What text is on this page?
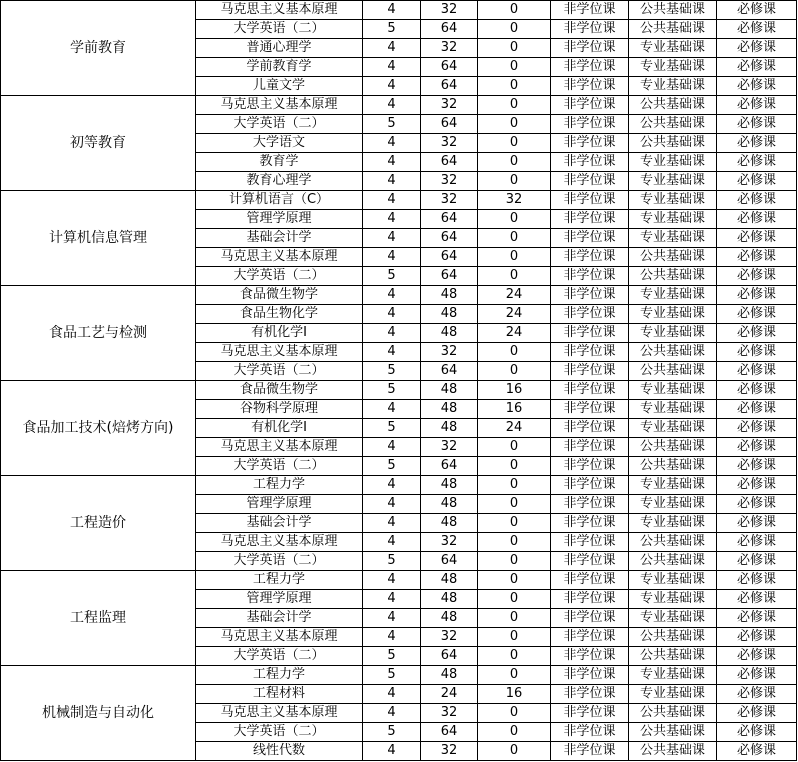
学前教育	马克思主义基本原理	4	32	0	非学位课	公共基础课	必修课
	大学英语（二）	5	64	0	非学位课	公共基础课	必修课
	普通心理学	4	32	0	非学位课	专业基础课	必修课
	学前教育学	4	64	0	非学位课	专业基础课	必修课
	儿童文学	4	64	0	非学位课	专业基础课	必修课
初等教育	马克思主义基本原理	4	32	0	非学位课	公共基础课	必修课
	大学英语（二）	5	64	0	非学位课	公共基础课	必修课
	大学语文	4	32	0	非学位课	公共基础课	必修课
	教育学	4	64	0	非学位课	专业基础课	必修课
	教育心理学	4	32	0	非学位课	专业基础课	必修课
计算机信息管理	计算机语言（C）	4	32	32	非学位课	专业基础课	必修课
	管理学原理	4	64	0	非学位课	专业基础课	必修课
	基础会计学	4	64	0	非学位课	专业基础课	必修课
	马克思主义基本原理	4	64	0	非学位课	公共基础课	必修课
	大学英语（二）	5	64	0	非学位课	公共基础课	必修课
食品工艺与检测	食品微生物学	4	48	24	非学位课	专业基础课	必修课
	食品生物化学	4	48	24	非学位课	专业基础课	必修课
	有机化学I	4	48	24	非学位课	专业基础课	必修课
	马克思主义基本原理	4	32	0	非学位课	公共基础课	必修课
	大学英语（二）	5	64	0	非学位课	公共基础课	必修课
食品加工技术(焙烤方向)	食品微生物学	5	48	16	非学位课	专业基础课	必修课
	谷物科学原理	4	48	16	非学位课	专业基础课	必修课
	有机化学I	5	48	24	非学位课	专业基础课	必修课
	马克思主义基本原理	4	32	0	非学位课	公共基础课	必修课
	大学英语（二）	5	64	0	非学位课	公共基础课	必修课
工程造价	工程力学	4	48	0	非学位课	专业基础课	必修课
	管理学原理	4	48	0	非学位课	专业基础课	必修课
	基础会计学	4	48	0	非学位课	专业基础课	必修课
	马克思主义基本原理	4	32	0	非学位课	公共基础课	必修课
	大学英语（二）	5	64	0	非学位课	公共基础课	必修课
工程监理	工程力学	4	48	0	非学位课	专业基础课	必修课
	管理学原理	4	48	0	非学位课	专业基础课	必修课
	基础会计学	4	48	0	非学位课	专业基础课	必修课
	马克思主义基本原理	4	32	0	非学位课	公共基础课	必修课
	大学英语（二）	5	64	0	非学位课	公共基础课	必修课
机械制造与自动化	工程力学	5	48	0	非学位课	专业基础课	必修课
	工程材料	4	24	16	非学位课	专业基础课	必修课
	马克思主义基本原理	4	32	0	非学位课	公共基础课	必修课
	大学英语（二）	5	64	0	非学位课	公共基础课	必修课
	线性代数	4	32	0	非学位课	公共基础课	必修课
